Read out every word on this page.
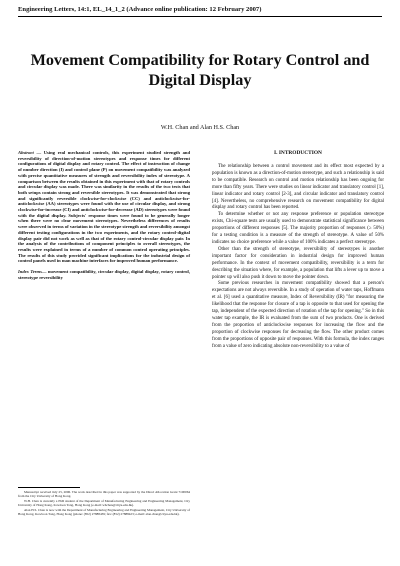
Engineering Letters, 14:1, EL_14_1_2 (Advance online publication: 12 February 2007)
Movement Compatibility for Rotary Control and Digital Display
W.H. Chan and Alan H.S. Chan

Abstract — Using real mechanical controls, this experiment studied strength and reversibility of direction-of-motion stereotypes and response times for different configurations of digital display and rotary control. The effect of instruction of change of number direction (I) and control plane (P) on movement compatibility was analyzed with precise quantitative measures of strength and reversibility index of stereotype. A comparison between the results obtained in this experiment with that of rotary controls and circular display was made. There was similarity in the results of the two tests that both setups contain strong and reversible stereotypes. It was demonstrated that strong and significantly reversible clockwise-for-clockwise (CC) and anticlockwise-for-anticlockwise (AA) stereotypes were found with the use of circular display, and strong clockwise-for-increase (CI) and anticlockwise-for-decrease (AD) stereotypes were found with the digital display. Subjects' response times were found to be generally longer when there were no clear movement stereotypes. Nevertheless differences of results were observed in terms of variation in the stereotype strength and reversibility amongst different testing configurations in the two experiments, and the rotary control-digital display pair did not work as well as that of the rotary control-circular display pair. In the analysis of the contributions of component principles to overall stereotypes, the results were explained in terms of a number of common control operating principles. The results of this study provided significant implications for the industrial design of control panels used in man machine interfaces for improved human performance.

Index Terms— movement compatibility, circular display, digital display, rotary control, stereotype reversibility

Manuscript received July 25, 2006. The work described in this paper was supported by the Direct Allocation Grant 7100064 from the City University of Hong Kong.

W.H. Chan is currently a PhD student of the Department of Manufacturing Engineering and Engineering Management, City University of Hong Kong, Kowloon Tong, Hong Kong (e-mail: whchan@cityu.edu.hk).

Alan H.S. Chan is now with the Department of Manufacturing Engineering and Engineering Management, City University of Hong Kong, Kowloon Tong, Hong Kong (phone: (852) 27888439; fax: (852) 27888423; e-mail: alan.chan@cityu.edu.hk).

I. INTRODUCTION

The relationship between a control movement and its effect most expected by a population is known as a direction-of-motion stereotype, and such a relationship is said to be compatible. Research on control and motion relationship has been ongoing for more than fifty years. There were studies on linear indicator and translatory control [1], linear indicator and rotary control [2-3], and circular indicator and translatory control [4]. Nevertheless, no comprehensive research on movement compatibility for digital display and rotary control has been reported.

To determine whether or not any response preference or population stereotype exists, Chi-square tests are usually used to demonstrate statistical significance between proportions of different responses [5]. The majority proportion of responses (≥ 50%) for a testing condition is a measure of the strength of stereotype. A value of 50% indicates no choice preference while a value of 100% indicates a perfect stereotype.

Other than the strength of stereotype, reversibility of stereotypes is another important factor for consideration in industrial design for improved human performance. In the context of movement compatibility, reversibility is a term for describing the situation where, for example, a population that lifts a lever up to move a pointer up will also push it down to move the pointer down.

Some previous researches in movement compatibility showed that a person's expectations are not always reversible. In a study of operation of water taps, Hoffmann et al. [6] used a quantitative measure, Index of Reversibility (IR) "for measuring the likelihood that the response for closure of a tap is opposite to that used for opening the tap, independent of the expected direction of rotation of the tap for opening." So in this water tap example, the IR is evaluated from the sum of two products. One is derived from the proportion of anticlockwise responses for increasing the flow and the proportion of clockwise responses for decreasing the flow. The other product comes from the proportions of opposite pair of responses. With this formula, the index ranges from a value of zero indicating absolute non-reversibility to a value of
